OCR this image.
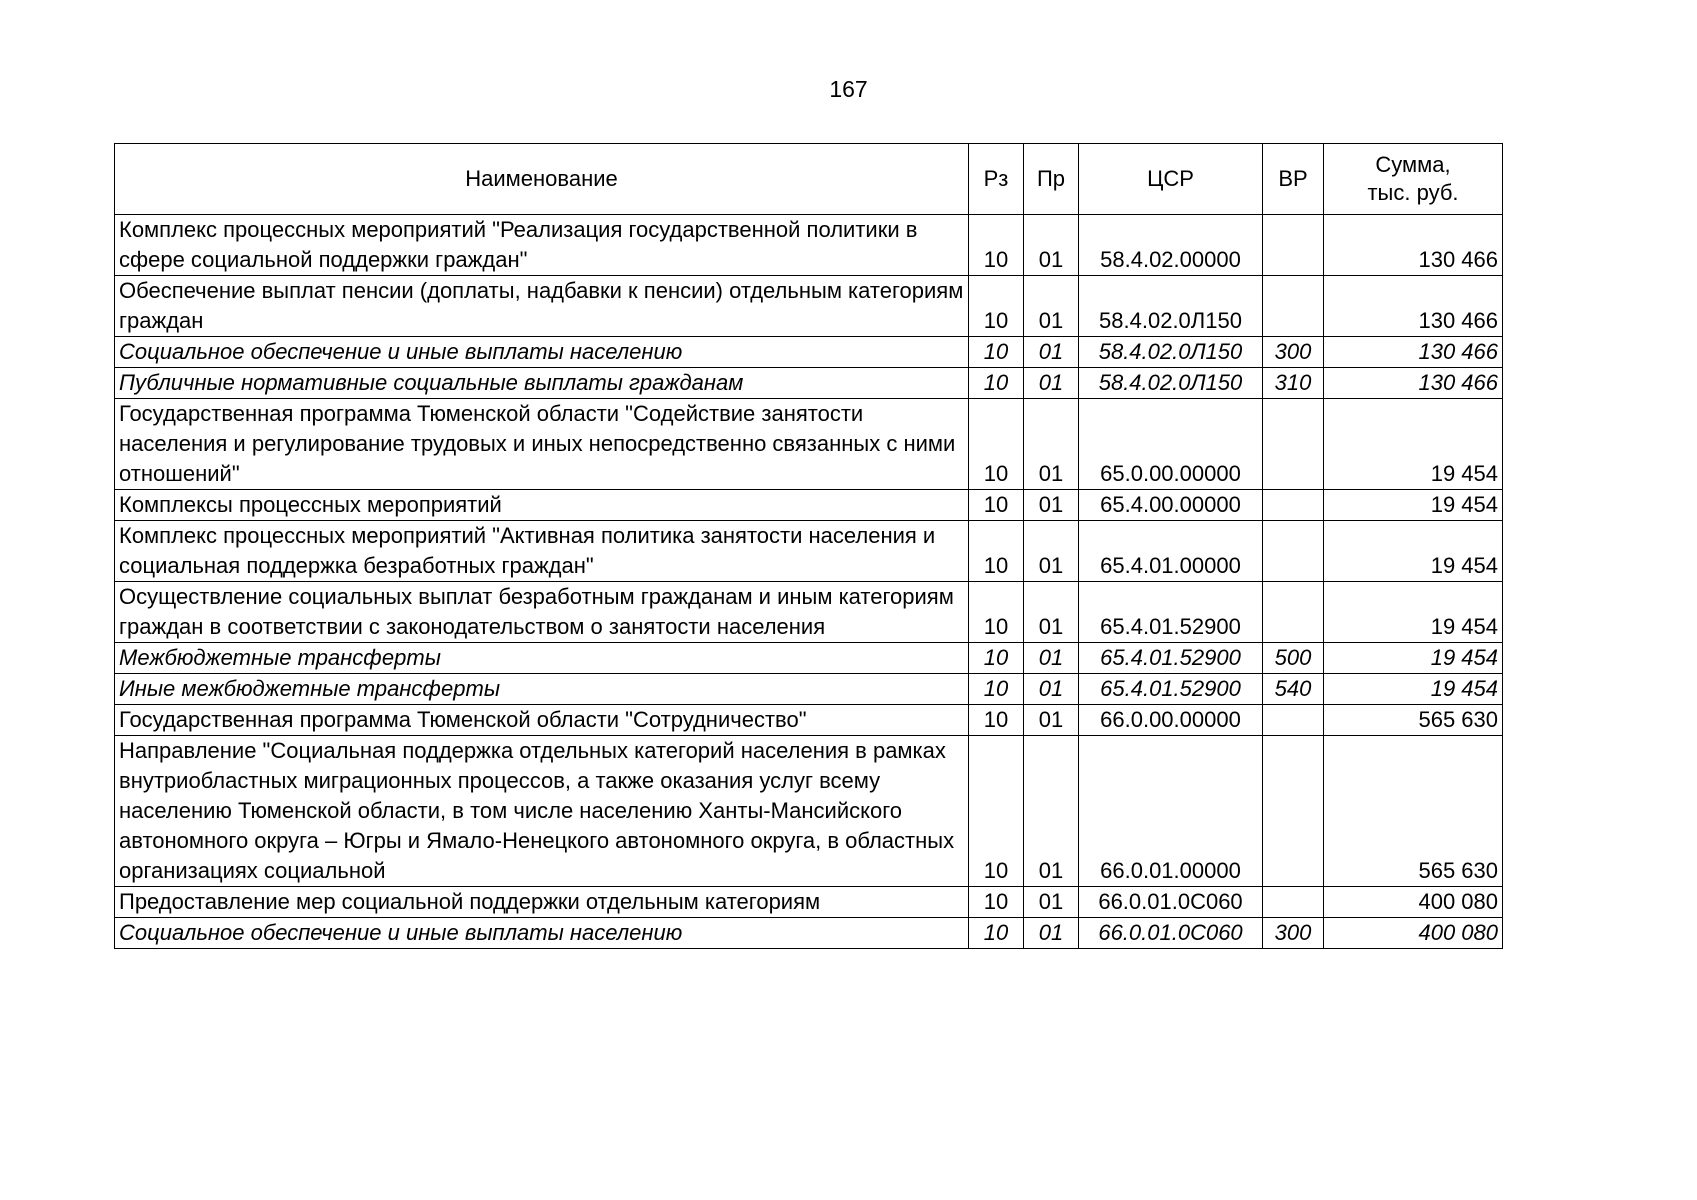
167
Наименование	Рз	Пр	ЦСР	ВР	Сумма,
тыс. руб.

Комплекс процессных мероприятий "Реализация государственной политики в сфере социальной поддержки граждан"	10	01	58.4.02.00000		130 466
Обеспечение выплат пенсии (доплаты, надбавки к пенсии) отдельным категориям граждан	10	01	58.4.02.0Л150		130 466
Социальное обеспечение и иные выплаты населению	10	01	58.4.02.0Л150	300	130 466
Публичные нормативные социальные выплаты гражданам	10	01	58.4.02.0Л150	310	130 466
Государственная программа Тюменской области "Содействие занятости населения и регулирование трудовых и иных непосредственно связанных с ними отношений"	10	01	65.0.00.00000		19 454
Комплексы процессных мероприятий	10	01	65.4.00.00000		19 454
Комплекс процессных мероприятий "Активная политика занятости населения и социальная поддержка безработных граждан"	10	01	65.4.01.00000		19 454
Осуществление социальных выплат безработным гражданам и иным категориям граждан в соответствии с законодательством о занятости населения	10	01	65.4.01.52900		19 454
Межбюджетные трансферты	10	01	65.4.01.52900	500	19 454
Иные межбюджетные трансферты	10	01	65.4.01.52900	540	19 454
Государственная программа Тюменской области "Сотрудничество"	10	01	66.0.00.00000		565 630
Направление "Социальная поддержка отдельных категорий населения в рамках внутриобластных миграционных процессов, а также оказания услуг всему населению Тюменской области, в том числе населению Ханты-Мансийского автономного округа – Югры и Ямало-Ненецкого автономного округа, в областных организациях социальной	10	01	66.0.01.00000		565 630
Предоставление мер социальной поддержки отдельным категориям	10	01	66.0.01.0С060		400 080
Социальное обеспечение и иные выплаты населению	10	01	66.0.01.0С060	300	400 080
